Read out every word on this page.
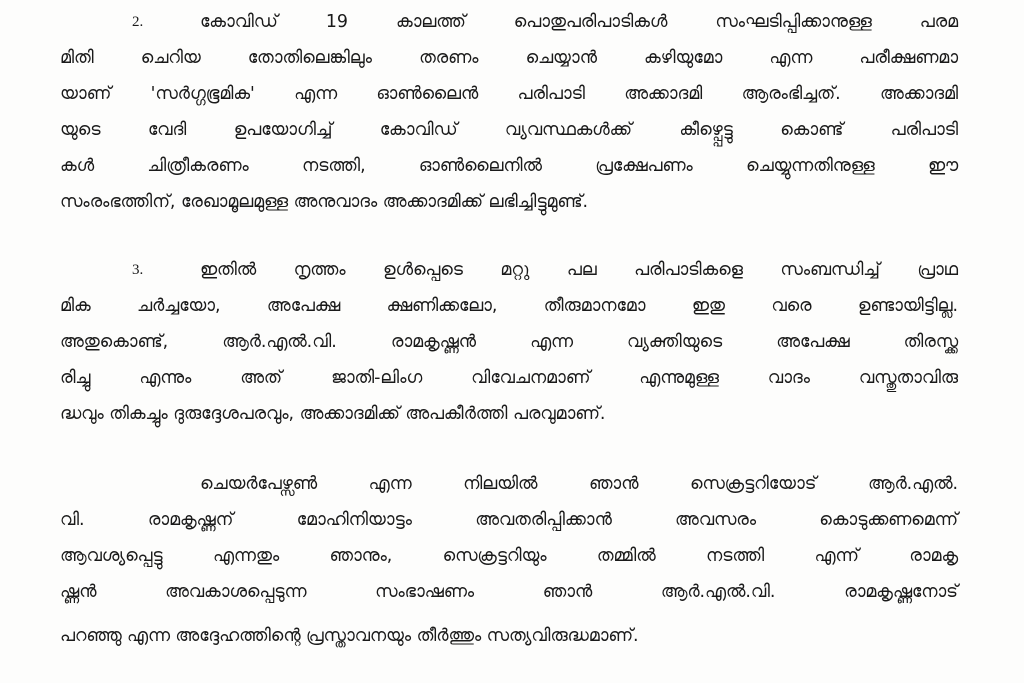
2.	കോവിഡ് 19 കാലത്ത് പൊതുപരിപാടികൾ സംഘടിപ്പിക്കാനുള്ള പരമ
മിതി ചെറിയ തോതിലെങ്കിലും തരണം ചെയ്യാൻ കഴിയുമോ എന്ന പരീക്ഷണമാ
യാണ് 'സർഗ്ഗഭൂമിക' എന്ന ഓൺലൈൻ പരിപാടി അക്കാദമി ആരംഭിച്ചത്. അക്കാദമി
യുടെ വേദി ഉപയോഗിച്ച് കോവിഡ് വ്യവസ്ഥകൾക്ക് കീഴ്പ്പെട്ടു കൊണ്ട് പരിപാടി
കൾ ചിത്രീകരണം നടത്തി, ഓൺലൈനിൽ പ്രക്ഷേപണം ചെയ്യുന്നതിനുള്ള ഈ
സംരംഭത്തിന്, രേഖാമൂലമുള്ള അനുവാദം അക്കാദമിക്ക് ലഭിച്ചിട്ടുമുണ്ട്.
3.	ഇതിൽ നൃത്തം ഉൾപ്പെടെ മറ്റു പല പരിപാടികളെ സംബന്ധിച്ച് പ്രാഥ
മിക ചർച്ചയോ, അപേക്ഷ ക്ഷണിക്കലോ, തീരുമാനമോ ഇതു വരെ ഉണ്ടായിട്ടില്ല.
അതുകൊണ്ട്, ആർ.എൽ.വി. രാമകൃഷ്ണൻ എന്ന വ്യക്തിയുടെ അപേക്ഷ തിരസ്ക്ക
രിച്ചു എന്നും അത് ജാതി-ലിംഗ വിവേചനമാണ് എന്നുമുള്ള വാദം വസ്തുതാവിരു
ദ്ധവും തികച്ചും ദുരുദ്ദേശപരവും, അക്കാദമിക്ക് അപകീർത്തി പരവുമാണ്.
ചെയർപേഴ്സൺ എന്ന നിലയിൽ ഞാൻ സെക്രട്ടറിയോട് ആർ.എൽ.
വി. രാമകൃഷ്ണന് മോഹിനിയാട്ടം അവതരിപ്പിക്കാൻ അവസരം കൊടുക്കണമെന്ന്
ആവശ്യപ്പെട്ടു എന്നതും ഞാനും, സെക്രട്ടറിയും തമ്മിൽ നടത്തി എന്ന് രാമകൃ
ഷ്ണൻ അവകാശപ്പെടുന്ന സംഭാഷണം ഞാൻ ആർ.എൽ.വി. രാമകൃഷ്ണനോട്
പറഞ്ഞു എന്ന അദ്ദേഹത്തിന്റെ പ്രസ്താവനയും തീർത്തും സത്യവിരുദ്ധമാണ്.
